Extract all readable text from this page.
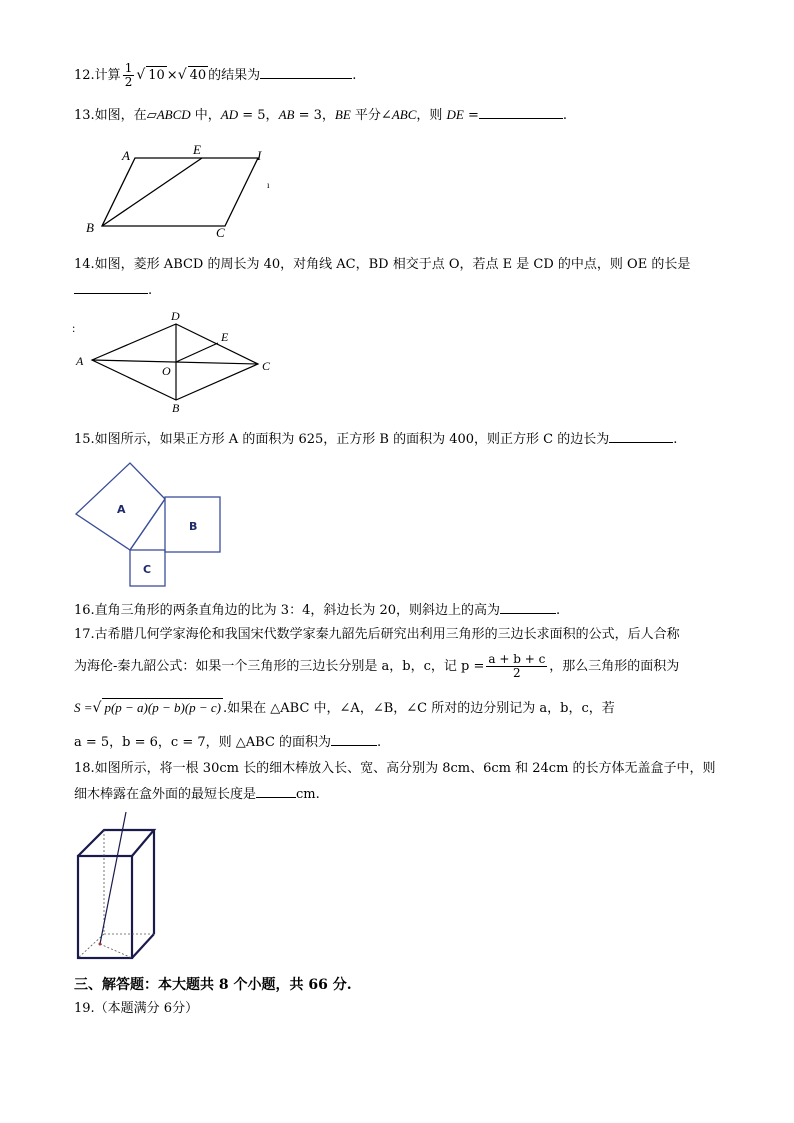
12.计算 $\frac{1}{2}$ √ 10 ×√ 40 的结果为	.
13.如图，在▱ABCD 中，AD = 5，AB = 3，BE 平分∠ABC，则 DE =	.
A	E	I
B	C
ı
14.如图，菱形 ABCD 的周长为 40，对角线 AC，BD 相交于点 O，若点 E 是 CD 的中点，则 OE 的长是
.
A
D
E
O	C
B
:
15.如图所示，如果正方形 A 的面积为 625，正方形 B 的面积为 400，则正方形 C 的边长为	.
A
B
C
16.直角三角形的两条直角边的比为 3：4，斜边长为 20，则斜边上的高为	.
17.古希腊几何学家海伦和我国宋代数学家秦九韶先后研究出利用三角形的三边长求面积的公式，后人合称
为海伦-秦九韶公式：如果一个三角形的三边长分别是 a，b，c，记 $p = \frac{a + b + c}{2}$ ，那么三角形的面积为
S =√ p(p − a)(p − b)(p − c) .如果在 △ABC 中，∠A，∠B，∠C 所对的边分别记为 a，b，c，若
a = 5，b = 6，c = 7，则 △ABC 的面积为	.
18.如图所示，将一根 30cm 长的细木棒放入长、宽、高分别为 8cm、6cm 和 24cm 的长方体无盖盒子中，则
细木棒露在盒外面的最短长度是	cm.
三、解答题：本大题共 8 个小题，共 66 分.
19.（本题满分 6分）
